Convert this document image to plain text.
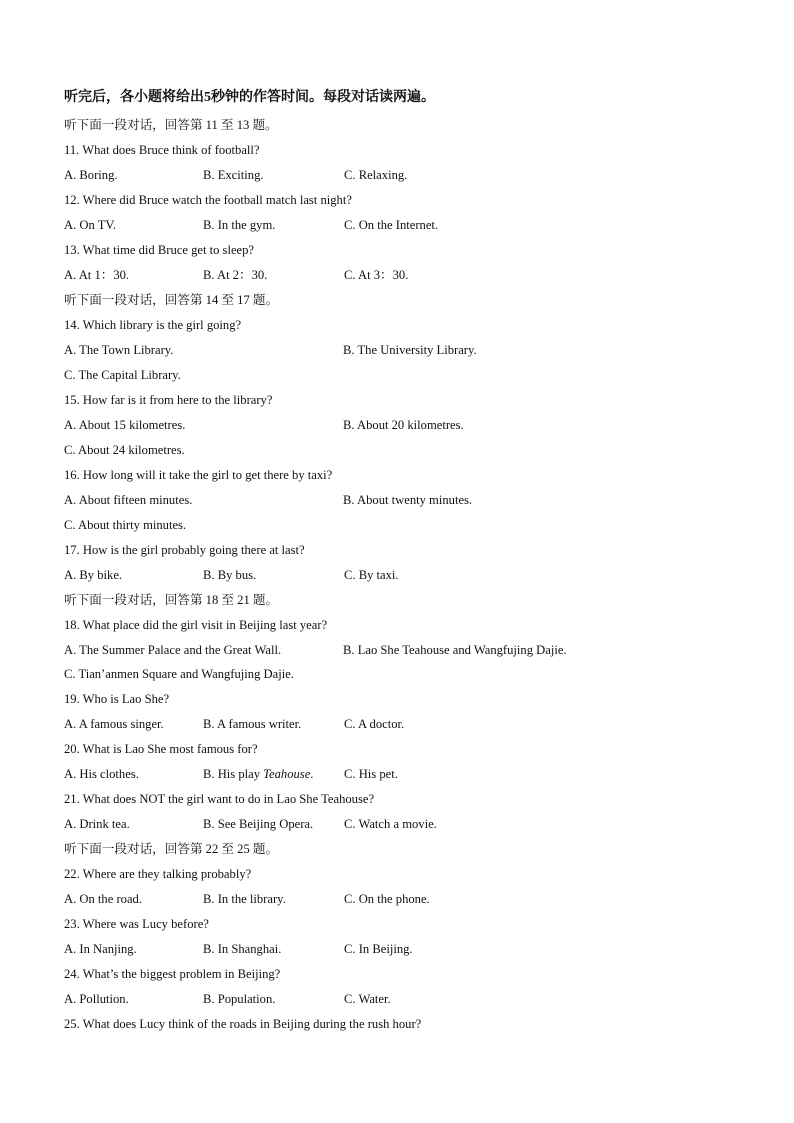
听完后，各小题将给出5秒钟的作答时间。每段对话读两遍。
听下面一段对话，回答第 11 至 13 题。
11. What does Bruce think of football?
A. Boring.	B. Exciting.	C. Relaxing.
12. Where did Bruce watch the football match last night?
A. On TV.	B. In the gym.	C. On the Internet.
13. What time did Bruce get to sleep?
A. At 1：30.	B. At 2：30.	C. At 3：30.
听下面一段对话，回答第 14 至 17 题。
14. Which library is the girl going?
A. The Town Library.	B. The University Library.
C. The Capital Library.
15. How far is it from here to the library?
A. About 15 kilometres.	B. About 20 kilometres.
C. About 24 kilometres.
16. How long will it take the girl to get there by taxi?
A. About fifteen minutes.	B. About twenty minutes.
C. About thirty minutes.
17. How is the girl probably going there at last?
A. By bike.	B. By bus.	C. By taxi.
听下面一段对话，回答第 18 至 21 题。
18. What place did the girl visit in Beijing last year?
A. The Summer Palace and the Great Wall.	B. Lao She Teahouse and Wangfujing Dajie.
C. Tian’anmen Square and Wangfujing Dajie.
19. Who is Lao She?
A. A famous singer.	B. A famous writer.	C. A doctor.
20. What is Lao She most famous for?
A. His clothes.	B. His play Teahouse. C. His pet.
21. What does NOT the girl want to do in Lao She Teahouse?
A. Drink tea.	B. See Beijing Opera. C. Watch a movie.
听下面一段对话，回答第 22 至 25 题。
22. Where are they talking probably?
A. On the road.	B. In the library.	C. On the phone.
23. Where was Lucy before?
A. In Nanjing.	B. In Shanghai.	C. In Beijing.
24. What’s the biggest problem in Beijing?
A. Pollution.	B. Population.	C. Water.
25. What does Lucy think of the roads in Beijing during the rush hour?
